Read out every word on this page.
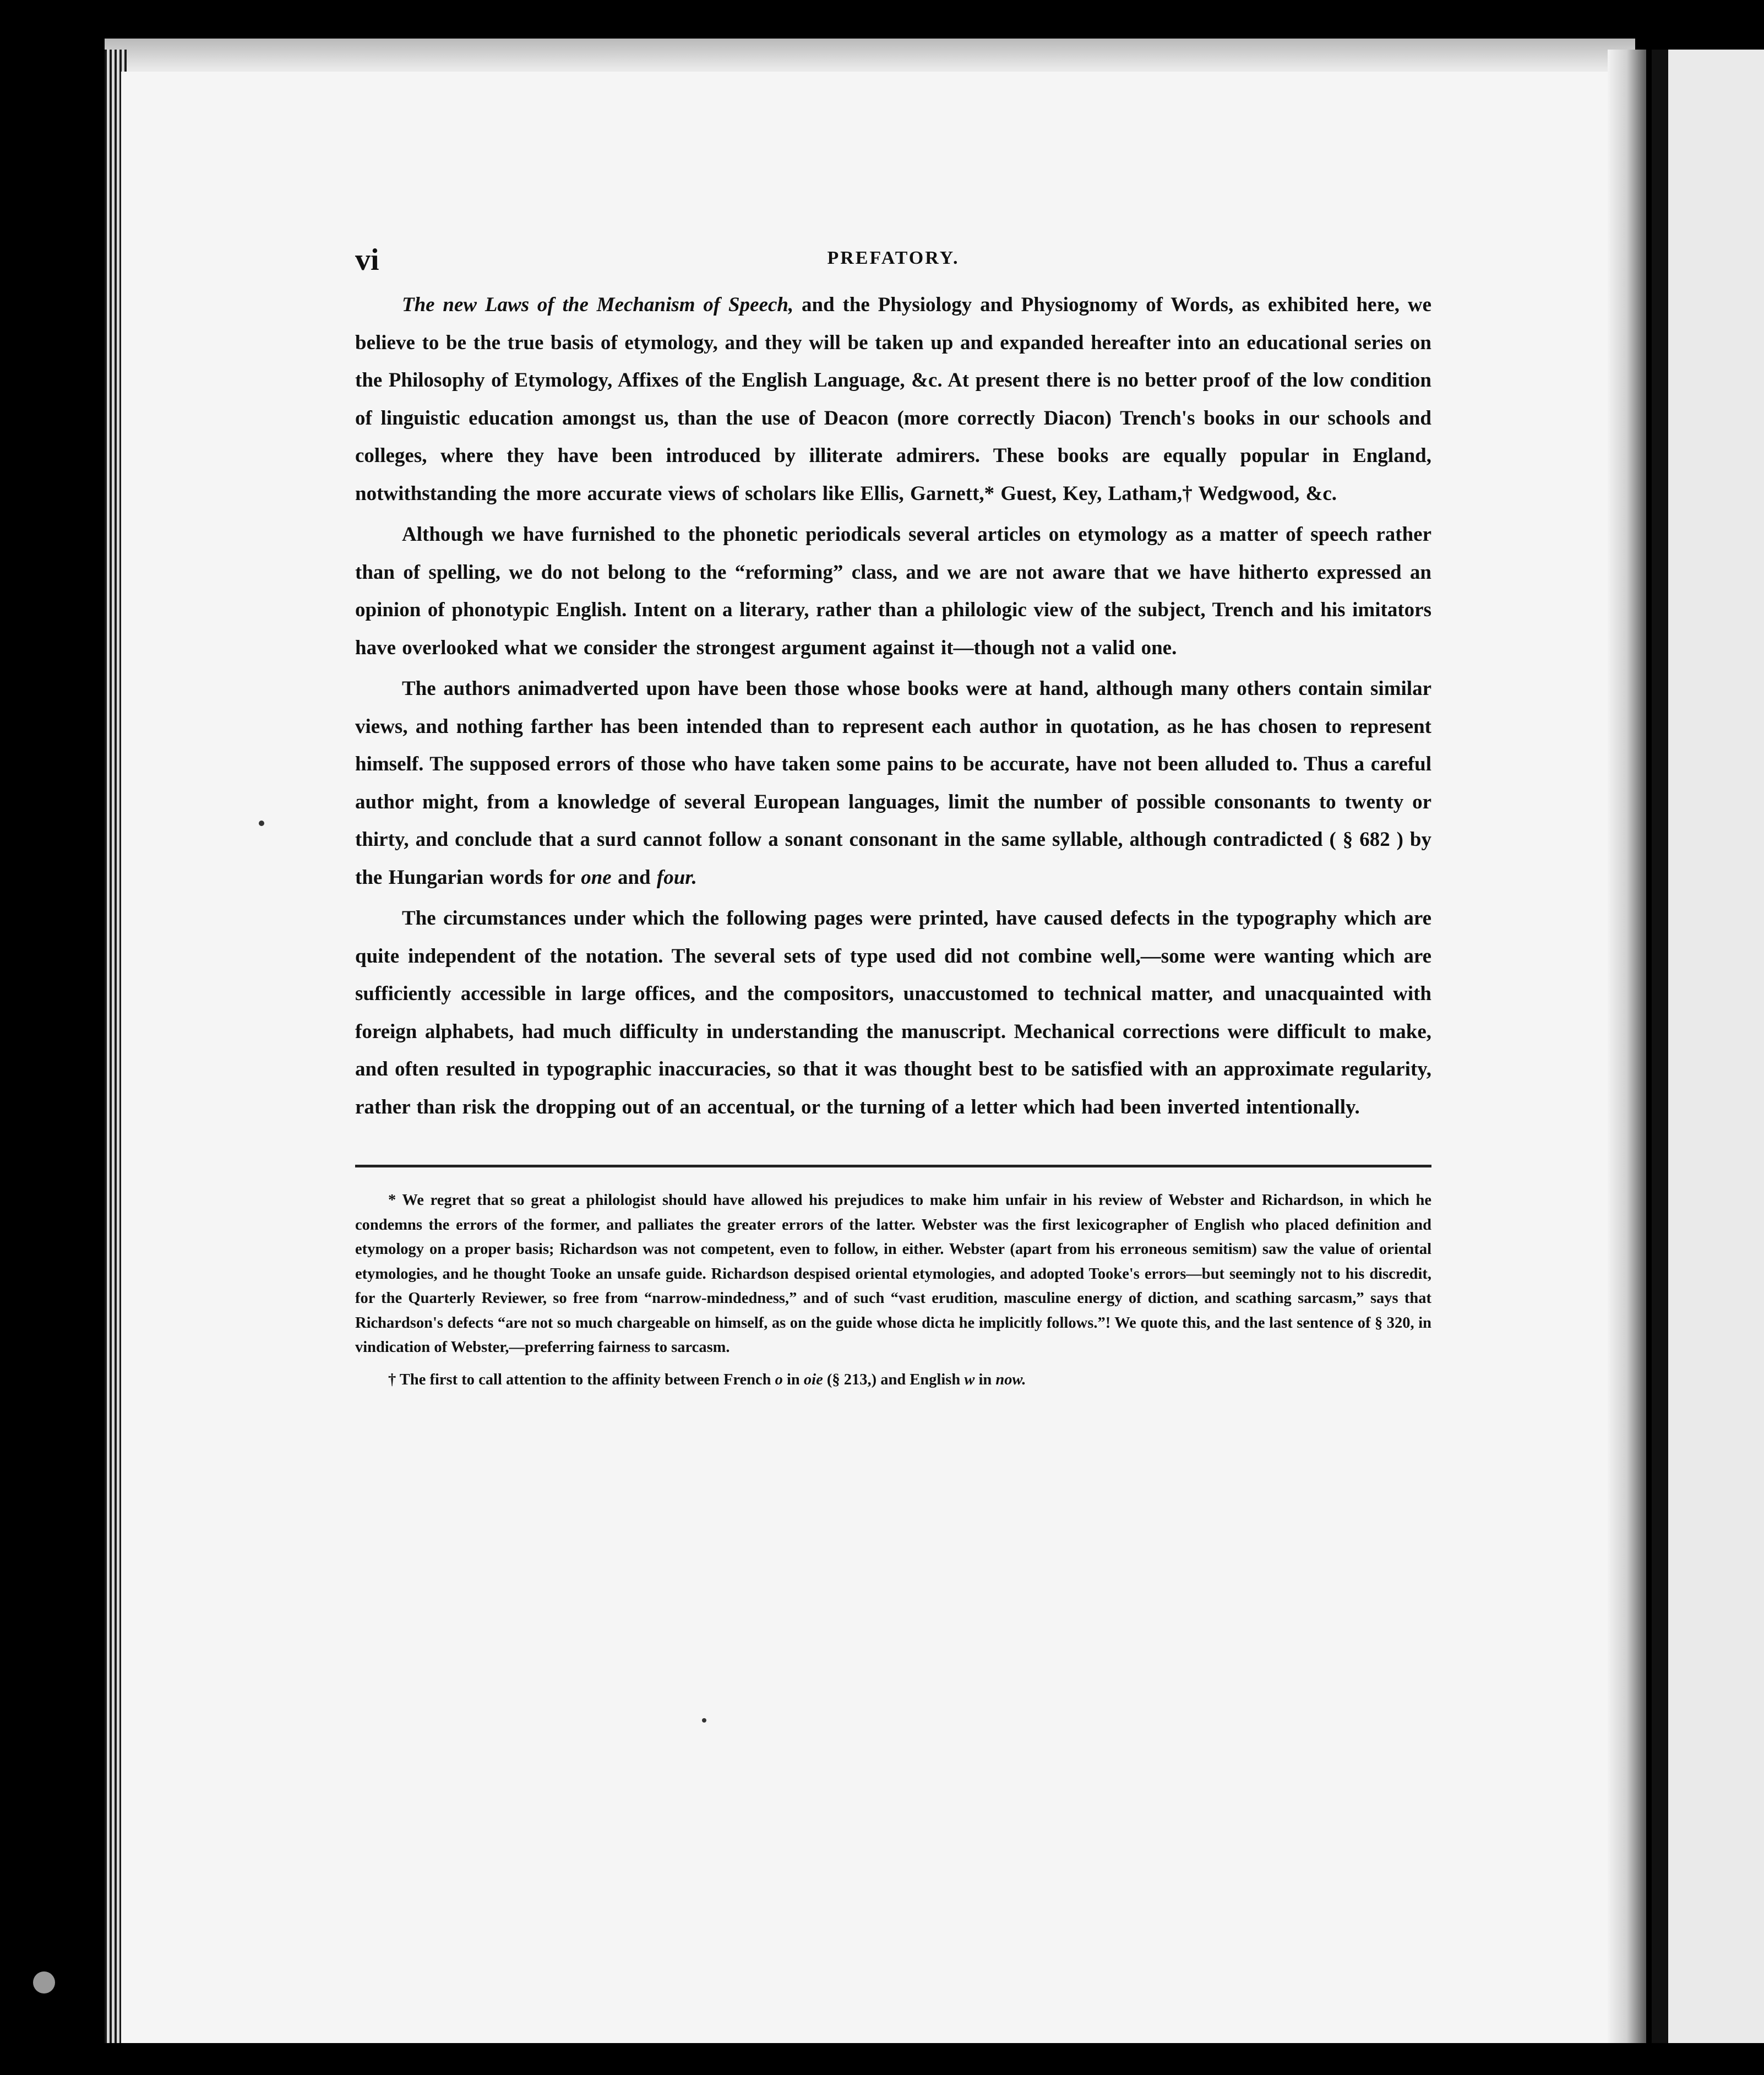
vi	PREFATORY.

The new Laws of the Mechanism of Speech, and the Physiology and Physiognomy of Words, as exhibited here, we believe to be the true basis of etymology, and they will be taken up and expanded hereafter into an educational series on the Philosophy of Etymology, Affixes of the English Language, &c. At present there is no better proof of the low condition of linguistic education amongst us, than the use of Deacon (more correctly Diacon) Trench's books in our schools and colleges, where they have been introduced by illiterate admirers. These books are equally popular in England, notwithstanding the more accurate views of scholars like Ellis, Garnett,* Guest, Key, Latham,† Wedgwood, &c.

Although we have furnished to the phonetic periodicals several articles on etymology as a matter of speech rather than of spelling, we do not belong to the “reforming” class, and we are not aware that we have hitherto expressed an opinion of phonotypic English. Intent on a literary, rather than a philologic view of the subject, Trench and his imitators have overlooked what we consider the strongest argument against it—though not a valid one.

The authors animadverted upon have been those whose books were at hand, although many others contain similar views, and nothing farther has been intended than to represent each author in quotation, as he has chosen to represent himself. The supposed errors of those who have taken some pains to be accurate, have not been alluded to. Thus a careful author might, from a knowledge of several European languages, limit the number of possible consonants to twenty or thirty, and conclude that a surd cannot follow a sonant consonant in the same syllable, although contradicted ( § 682 ) by the Hungarian words for one and four.

The circumstances under which the following pages were printed, have caused defects in the typography which are quite independent of the notation. The several sets of type used did not combine well,—some were wanting which are sufficiently accessible in large offices, and the compositors, unaccustomed to technical matter, and unacquainted with foreign alphabets, had much difficulty in understanding the manuscript. Mechanical corrections were difficult to make, and often resulted in typographic inaccuracies, so that it was thought best to be satisfied with an approximate regularity, rather than risk the dropping out of an accentual, or the turning of a letter which had been inverted intentionally.

* We regret that so great a philologist should have allowed his prejudices to make him unfair in his review of Webster and Richardson, in which he condemns the errors of the former, and palliates the greater errors of the latter. Webster was the first lexicographer of English who placed definition and etymology on a proper basis; Richardson was not competent, even to follow, in either. Webster (apart from his erroneous semitism) saw the value of oriental etymologies, and he thought Tooke an unsafe guide. Richardson despised oriental etymologies, and adopted Tooke's errors—but seemingly not to his discredit, for the Quarterly Reviewer, so free from “narrow-mindedness,” and of such “vast erudition, masculine energy of diction, and scathing sarcasm,” says that Richardson's defects “are not so much chargeable on himself, as on the guide whose dicta he implicitly follows.”! We quote this, and the last sentence of § 320, in vindication of Webster,—preferring fairness to sarcasm.

† The first to call attention to the affinity between French o in oie (§ 213,) and English w in now.
